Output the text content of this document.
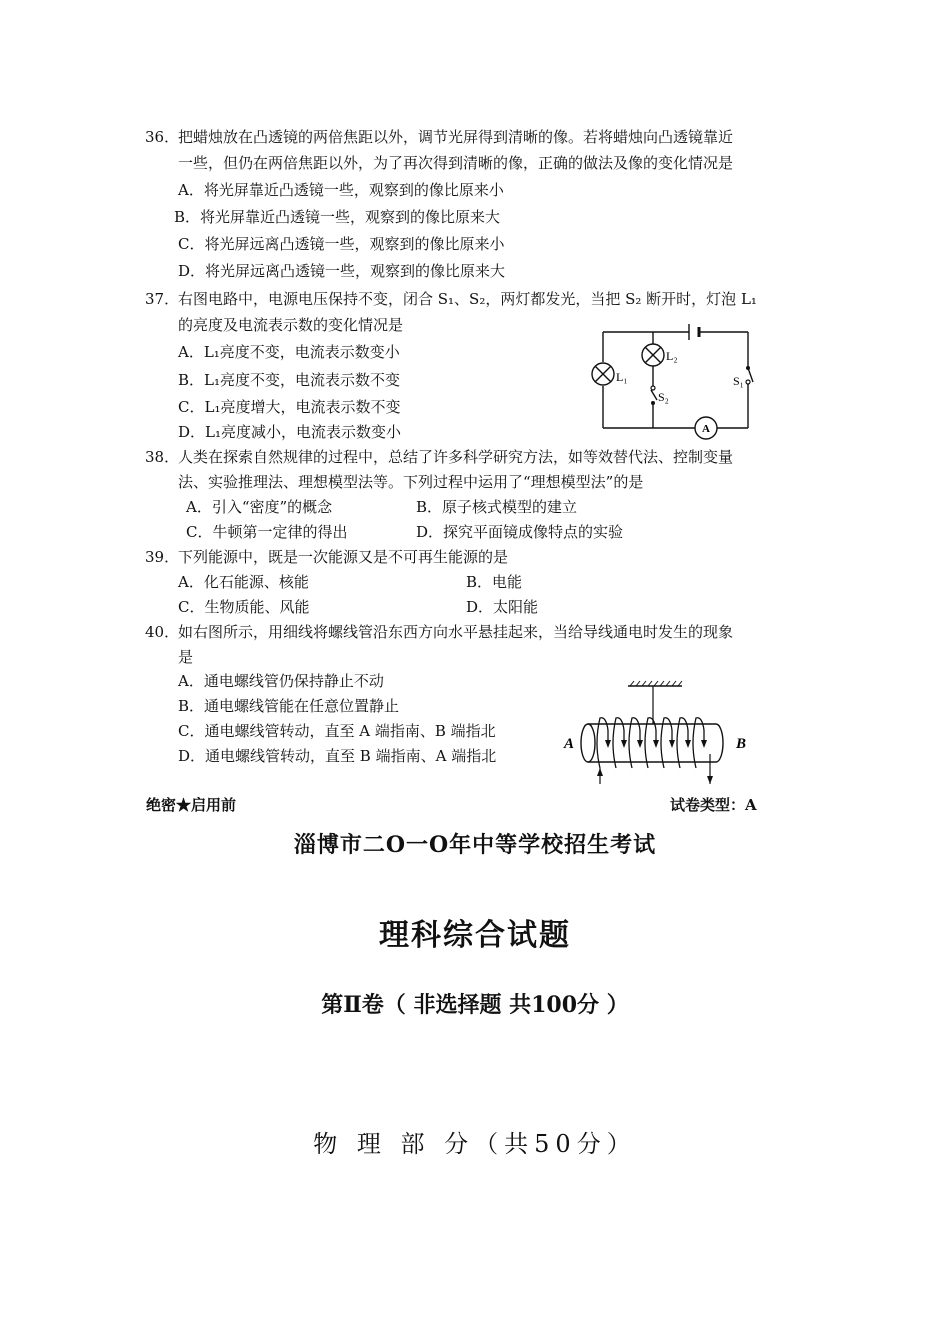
36．
把蜡烛放在凸透镜的两倍焦距以外，调节光屏得到清晰的像。若将蜡烛向凸透镜靠近
一些，但仍在两倍焦距以外，为了再次得到清晰的像，正确的做法及像的变化情况是
A．将光屏靠近凸透镜一些，观察到的像比原来小
B．将光屏靠近凸透镜一些，观察到的像比原来大
C．将光屏远离凸透镜一些，观察到的像比原来小
D．将光屏远离凸透镜一些，观察到的像比原来大
37．
右图电路中，电源电压保持不变，闭合 S₁、S₂，两灯都发光，当把 S₂ 断开时，灯泡 L₁
的亮度及电流表示数的变化情况是
A．L₁亮度不变，电流表示数变小
B．L₁亮度不变，电流表示数不变
C．L₁亮度增大，电流表示数不变
D．L₁亮度减小，电流表示数变小
L₁
L₂
S₂
S₁
A
38．
人类在探索自然规律的过程中，总结了许多科学研究方法，如等效替代法、控制变量
法、实验推理法、理想模型法等。下列过程中运用了“理想模型法”的是
A．引入“密度”的概念	B．原子核式模型的建立
C．牛顿第一定律的得出	D．探究平面镜成像特点的实验
39．
下列能源中，既是一次能源又是不可再生能源的是
A．化石能源、核能	B．电能
C．生物质能、风能	D．太阳能
40．
如右图所示，用细线将螺线管沿东西方向水平悬挂起来，当给导线通电时发生的现象
是
A．通电螺线管仍保持静止不动
B．通电螺线管能在任意位置静止
C．通电螺线管转动，直至 A 端指南、B 端指北
D．通电螺线管转动，直至 B 端指南、A 端指北
A	B
绝密★启用前	试卷类型：A
淄博市二O一O年中等学校招生考试
理科综合试题
第Ⅱ卷（ 非选择题 共100分 ）
物 理 部 分（共50分）
